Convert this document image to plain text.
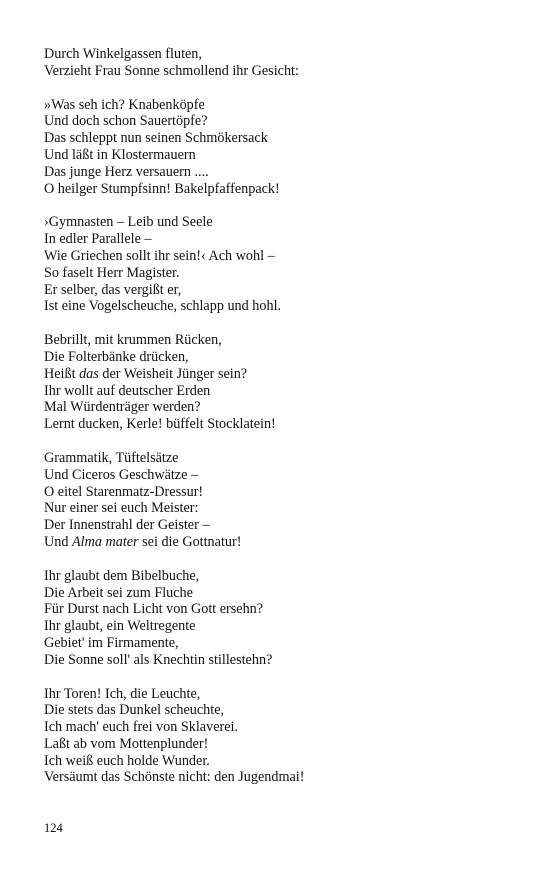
Durch Winkelgassen fluten,
Verzieht Frau Sonne schmollend ihr Gesicht:
»Was seh ich? Knabenköpfe
Und doch schon Sauertöpfe?
Das schleppt nun seinen Schmökersack
Und läßt in Klostermauern
Das junge Herz versauern ....
O heilger Stumpfsinn! Bakelpfaffenpack!
›Gymnasten – Leib und Seele
In edler Parallele –
Wie Griechen sollt ihr sein!‹ Ach wohl –
So faselt Herr Magister.
Er selber, das vergißt er,
Ist eine Vogelscheuche, schlapp und hohl.
Bebrillt, mit krummen Rücken,
Die Folterbänke drücken,
Heißt das der Weisheit Jünger sein?
Ihr wollt auf deutscher Erden
Mal Würdenträger werden?
Lernt ducken, Kerle! büffelt Stocklatein!
Grammatik, Tüftelsätze
Und Ciceros Geschwätze –
O eitel Starenmatz-Dressur!
Nur einer sei euch Meister:
Der Innenstrahl der Geister –
Und Alma mater sei die Gottnatur!
Ihr glaubt dem Bibelbuche,
Die Arbeit sei zum Fluche
Für Durst nach Licht von Gott ersehn?
Ihr glaubt, ein Weltregente
Gebiet' im Firmamente,
Die Sonne soll' als Knechtin stillestehn?
Ihr Toren! Ich, die Leuchte,
Die stets das Dunkel scheuchte,
Ich mach' euch frei von Sklaverei.
Laßt ab vom Mottenplunder!
Ich weiß euch holde Wunder.
Versäumt das Schönste nicht: den Jugendmai!
124
